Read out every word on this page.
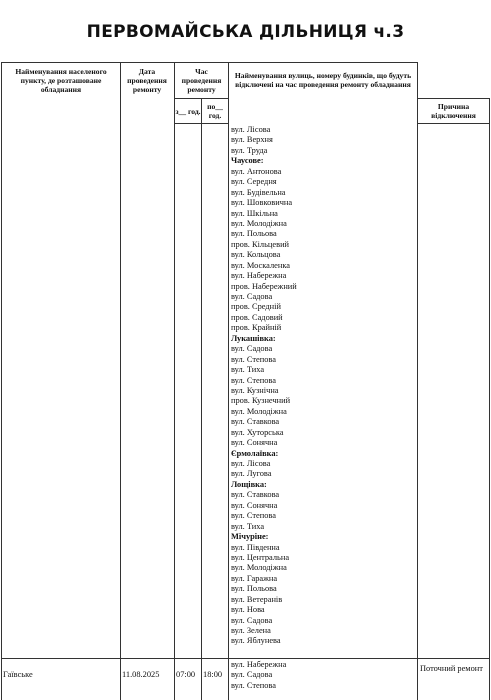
ПЕРВОМАЙСЬКА ДІЛЬНИЦЯ ч.3
Найменування населеного пункту, де розташоване обладнання
Дата проведення ремонту
Час проведення ремонту
з__ год. по__ год.
Найменування вулиць, номеру будинків, що будуть відключені на час проведення ремонту обладнання
Причина відключення
вул. Лісова
вул. Верхня
вул. Труда
Чаусове:
вул. Антонова
вул. Середня
вул. Будівельна
вул. Шовковична
вул. Шкільна
вул. Молодіжна
вул. Польова
пров. Кільцевий
вул. Кольцова
вул. Москаленка
вул. Набережна
пров. Набережний
вул. Садова
пров. Средній
пров. Садовий
пров. Крайній
Лукашівка:
вул. Садова
вул. Степова
вул. Тиха
вул. Степова
вул. Кузнічна
пров. Кузнечний
вул. Молодіжна
вул. Ставкова
вул. Хуторська
вул. Сонячна
Єрмолаївка:
вул. Лісова
вул. Лугова
Лощівка:
вул. Ставкова
вул. Сонячна
вул. Степова
вул. Тиха
Мічуріне:
вул. Південна
вул. Центральна
вул. Молодіжна
вул. Гаражна
вул. Польова
вул. Ветеранів
вул. Нова
вул. Садова
вул. Зелена
вул. Яблунева
Гаївське	11.08.2025 07:00 18:00
вул. Набережна
вул. Садова
вул. Степова
Поточний ремонт
